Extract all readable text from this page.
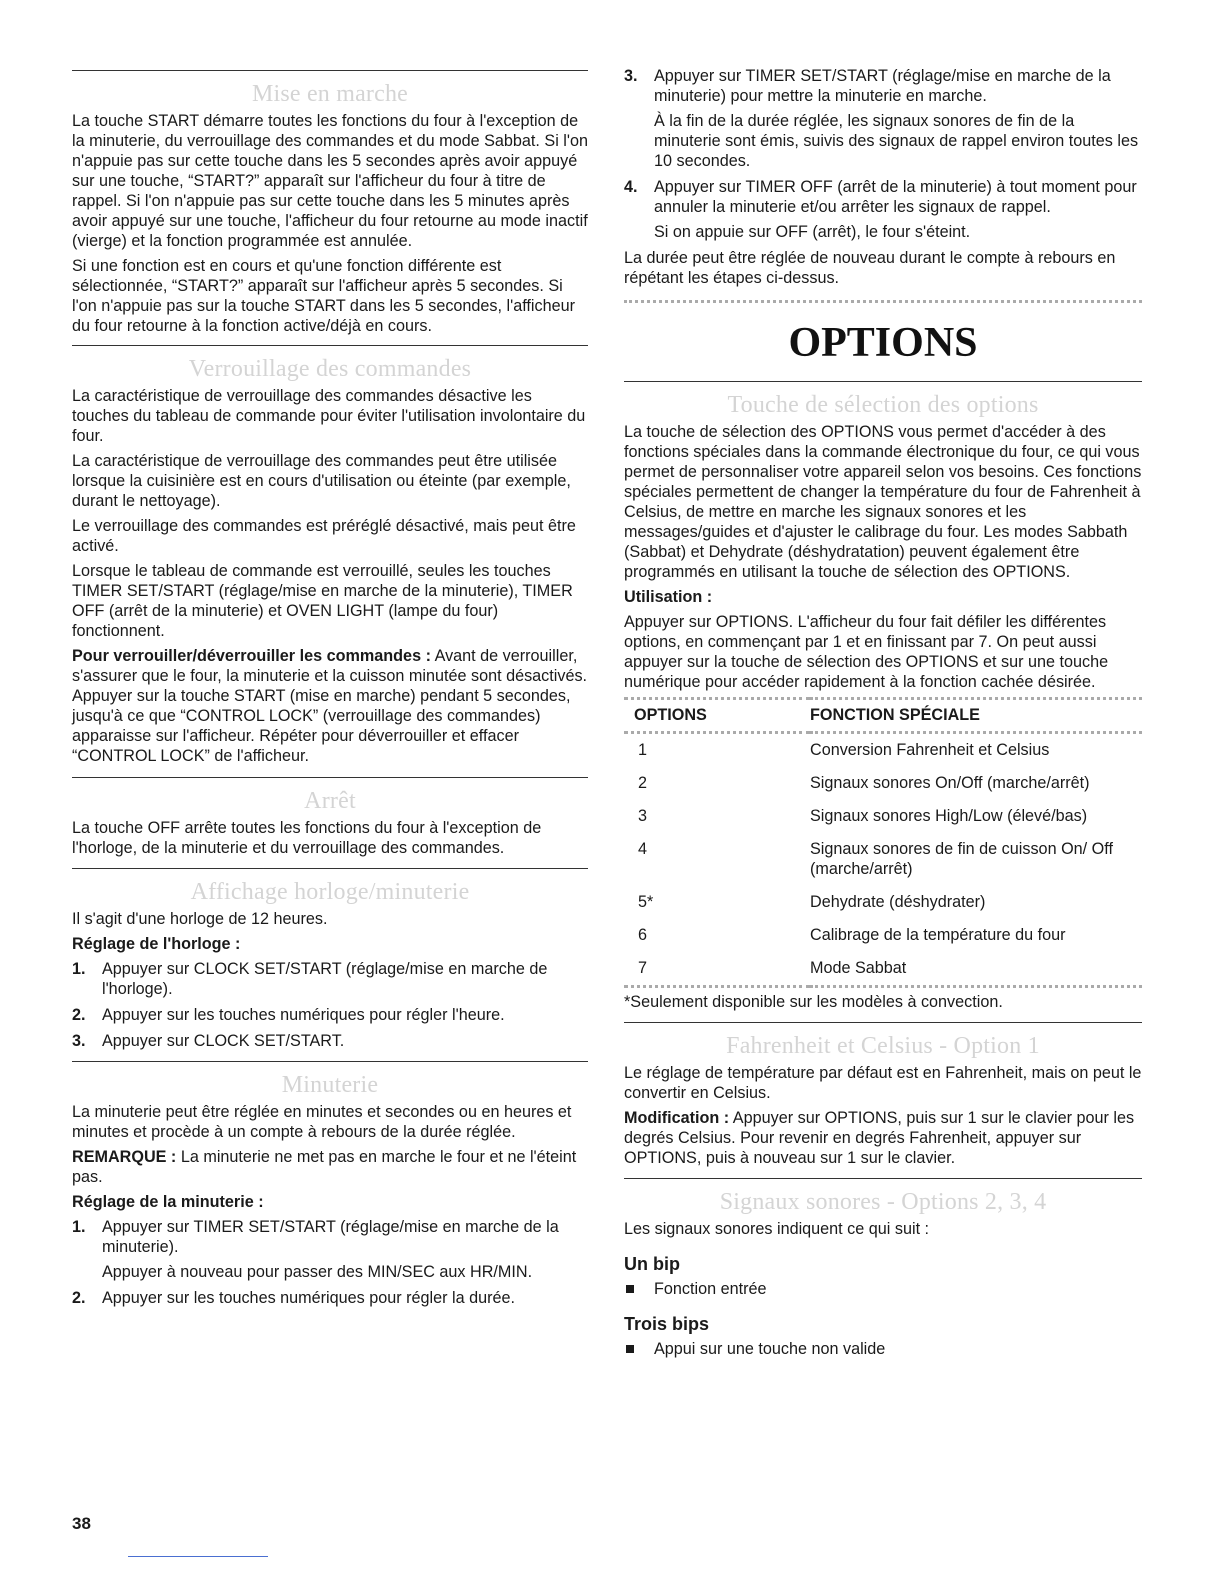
Mise en marche

La touche START démarre toutes les fonctions du four à l'exception de la minuterie, du verrouillage des commandes et du mode Sabbat. Si l'on n'appuie pas sur cette touche dans les 5 secondes après avoir appuyé sur une touche, “START?” apparaît sur l'afficheur du four à titre de rappel. Si l'on n'appuie pas sur cette touche dans les 5 minutes après avoir appuyé sur une touche, l'afficheur du four retourne au mode inactif (vierge) et la fonction programmée est annulée.

Si une fonction est en cours et qu'une fonction différente est sélectionnée, “START?” apparaît sur l'afficheur après 5 secondes. Si l'on n'appuie pas sur la touche START dans les 5 secondes, l'afficheur du four retourne à la fonction active/déjà en cours.

Verrouillage des commandes

La caractéristique de verrouillage des commandes désactive les touches du tableau de commande pour éviter l'utilisation involontaire du four.

La caractéristique de verrouillage des commandes peut être utilisée lorsque la cuisinière est en cours d'utilisation ou éteinte (par exemple, durant le nettoyage).

Le verrouillage des commandes est préréglé désactivé, mais peut être activé.

Lorsque le tableau de commande est verrouillé, seules les touches TIMER SET/START (réglage/mise en marche de la minuterie), TIMER OFF (arrêt de la minuterie) et OVEN LIGHT (lampe du four) fonctionnent.

Pour verrouiller/déverrouiller les commandes : Avant de verrouiller, s'assurer que le four, la minuterie et la cuisson minutée sont désactivés. Appuyer sur la touche START (mise en marche) pendant 5 secondes, jusqu'à ce que “CONTROL LOCK” (verrouillage des commandes) apparaisse sur l'afficheur. Répéter pour déverrouiller et effacer “CONTROL LOCK” de l'afficheur.

Arrêt

La touche OFF arrête toutes les fonctions du four à l'exception de l'horloge, de la minuterie et du verrouillage des commandes.

Affichage horloge/minuterie

Il s'agit d'une horloge de 12 heures.

Réglage de l'horloge :

1. Appuyer sur CLOCK SET/START (réglage/mise en marche de l'horloge).
2. Appuyer sur les touches numériques pour régler l'heure.
3. Appuyer sur CLOCK SET/START.
Minuterie

La minuterie peut être réglée en minutes et secondes ou en heures et minutes et procède à un compte à rebours de la durée réglée.

REMARQUE : La minuterie ne met pas en marche le four et ne l'éteint pas.

Réglage de la minuterie :

1. Appuyer sur TIMER SET/START (réglage/mise en marche de la minuterie).

Appuyer à nouveau pour passer des MIN/SEC aux HR/MIN.

2. Appuyer sur les touches numériques pour régler la durée.
3. Appuyer sur TIMER SET/START (réglage/mise en marche de la minuterie) pour mettre la minuterie en marche.

À la fin de la durée réglée, les signaux sonores de fin de la minuterie sont émis, suivis des signaux de rappel environ toutes les 10 secondes.

4. Appuyer sur TIMER OFF (arrêt de la minuterie) à tout moment pour annuler la minuterie et/ou arrêter les signaux de rappel.

Si on appuie sur OFF (arrêt), le four s'éteint.

La durée peut être réglée de nouveau durant le compte à rebours en répétant les étapes ci-dessus.

OPTIONS
Touche de sélection des options

La touche de sélection des OPTIONS vous permet d'accéder à des fonctions spéciales dans la commande électronique du four, ce qui vous permet de personnaliser votre appareil selon vos besoins. Ces fonctions spéciales permettent de changer la température du four de Fahrenheit à Celsius, de mettre en marche les signaux sonores et les messages/guides et d'ajuster le calibrage du four. Les modes Sabbath (Sabbat) et Dehydrate (déshydratation) peuvent également être programmés en utilisant la touche de sélection des OPTIONS.

Utilisation :

Appuyer sur OPTIONS. L'afficheur du four fait défiler les différentes options, en commençant par 1 et en finissant par 7. On peut aussi appuyer sur la touche de sélection des OPTIONS et sur une touche numérique pour accéder rapidement à la fonction cachée désirée.

OPTIONS	FONCTION SPÉCIALE
1	Conversion Fahrenheit et Celsius
2	Signaux sonores On/Off (marche/arrêt)
3	Signaux sonores High/Low (élevé/bas)
4	Signaux sonores de fin de cuisson On/ Off (marche/arrêt)
5*	Dehydrate (déshydrater)
6	Calibrage de la température du four
7	Mode Sabbat

*Seulement disponible sur les modèles à convection.

Fahrenheit et Celsius - Option 1

Le réglage de température par défaut est en Fahrenheit, mais on peut le convertir en Celsius.

Modification : Appuyer sur OPTIONS, puis sur 1 sur le clavier pour les degrés Celsius. Pour revenir en degrés Fahrenheit, appuyer sur OPTIONS, puis à nouveau sur 1 sur le clavier.

Signaux sonores - Options 2, 3, 4

Les signaux sonores indiquent ce qui suit :

Un bip
Fonction entrée
Trois bips
Appui sur une touche non valide
38
